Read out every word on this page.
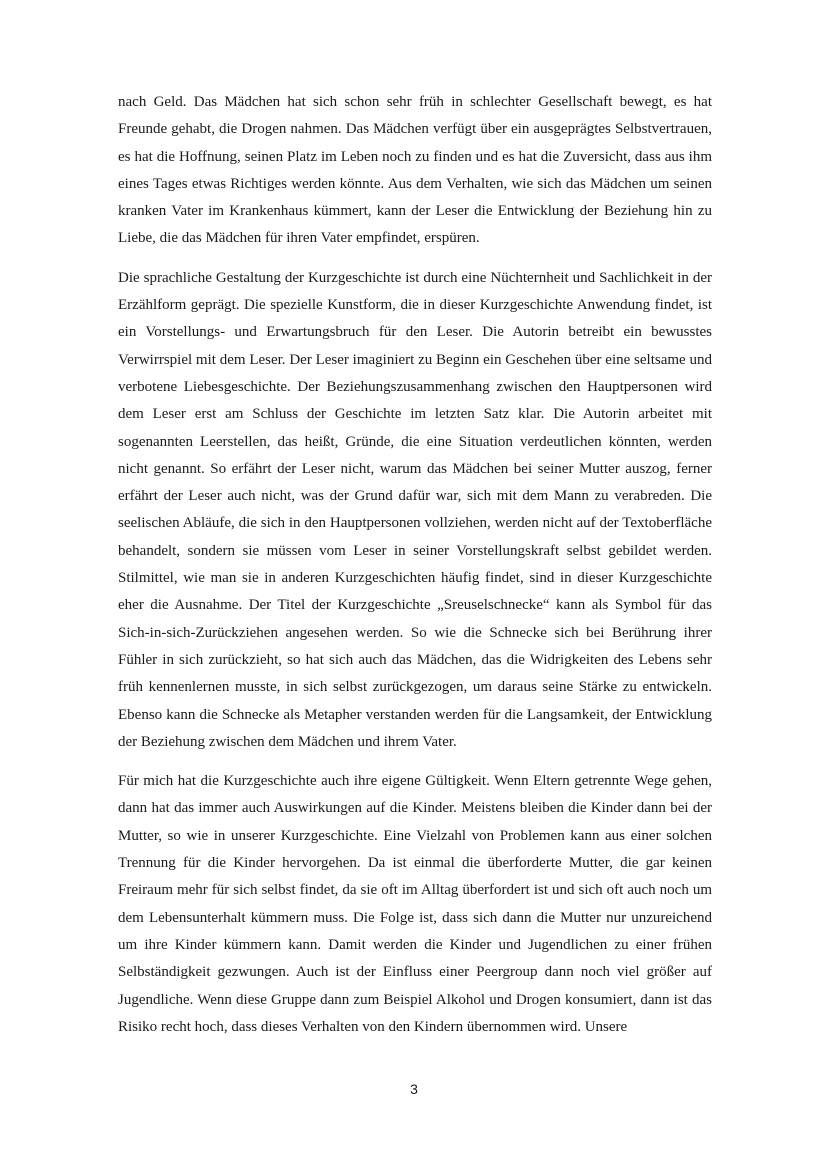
nach Geld. Das Mädchen hat sich schon sehr früh in schlechter Gesellschaft bewegt, es hat Freunde gehabt, die Drogen nahmen. Das Mädchen verfügt über ein ausgeprägtes Selbstvertrauen, es hat die Hoffnung, seinen Platz im Leben noch zu finden und es hat die Zuversicht, dass aus ihm eines Tages etwas Richtiges werden könnte. Aus dem Verhalten, wie sich das Mädchen um seinen kranken Vater im Krankenhaus kümmert, kann der Leser die Entwicklung der Beziehung hin zu Liebe, die das Mädchen für ihren Vater empfindet, erspüren.

Die sprachliche Gestaltung der Kurzgeschichte ist durch eine Nüchternheit und Sachlichkeit in der Erzählform geprägt. Die spezielle Kunstform, die in dieser Kurzgeschichte Anwendung findet, ist ein Vorstellungs- und Erwartungsbruch für den Leser. Die Autorin betreibt ein bewusstes Verwirrspiel mit dem Leser. Der Leser imaginiert zu Beginn ein Geschehen über eine seltsame und verbotene Liebesgeschichte. Der Beziehungszusammenhang zwischen den Hauptpersonen wird dem Leser erst am Schluss der Geschichte im letzten Satz klar. Die Autorin arbeitet mit sogenannten Leerstellen, das heißt, Gründe, die eine Situation verdeutlichen könnten, werden nicht genannt. So erfährt der Leser nicht, warum das Mädchen bei seiner Mutter auszog, ferner erfährt der Leser auch nicht, was der Grund dafür war, sich mit dem Mann zu verabreden. Die seelischen Abläufe, die sich in den Hauptpersonen vollziehen, werden nicht auf der Textoberfläche behandelt, sondern sie müssen vom Leser in seiner Vorstellungskraft selbst gebildet werden. Stilmittel, wie man sie in anderen Kurzgeschichten häufig findet, sind in dieser Kurzgeschichte eher die Ausnahme. Der Titel der Kurzgeschichte „Sreuselschnecke“ kann als Symbol für das Sich-in-sich-Zurückziehen angesehen werden. So wie die Schnecke sich bei Berührung ihrer Fühler in sich zurückzieht, so hat sich auch das Mädchen, das die Widrigkeiten des Lebens sehr früh kennenlernen musste, in sich selbst zurückgezogen, um daraus seine Stärke zu entwickeln. Ebenso kann die Schnecke als Metapher verstanden werden für die Langsamkeit, der Entwicklung der Beziehung zwischen dem Mädchen und ihrem Vater.

Für mich hat die Kurzgeschichte auch ihre eigene Gültigkeit. Wenn Eltern getrennte Wege gehen, dann hat das immer auch Auswirkungen auf die Kinder. Meistens bleiben die Kinder dann bei der Mutter, so wie in unserer Kurzgeschichte. Eine Vielzahl von Problemen kann aus einer solchen Trennung für die Kinder hervorgehen. Da ist einmal die überforderte Mutter, die gar keinen Freiraum mehr für sich selbst findet, da sie oft im Alltag überfordert ist und sich oft auch noch um dem Lebensunterhalt kümmern muss. Die Folge ist, dass sich dann die Mutter nur unzureichend um ihre Kinder kümmern kann. Damit werden die Kinder und Jugendlichen zu einer frühen Selbständigkeit gezwungen. Auch ist der Einfluss einer Peergroup dann noch viel größer auf Jugendliche. Wenn diese Gruppe dann zum Beispiel Alkohol und Drogen konsumiert, dann ist das Risiko recht hoch, dass dieses Verhalten von den Kindern übernommen wird. Unsere

3
